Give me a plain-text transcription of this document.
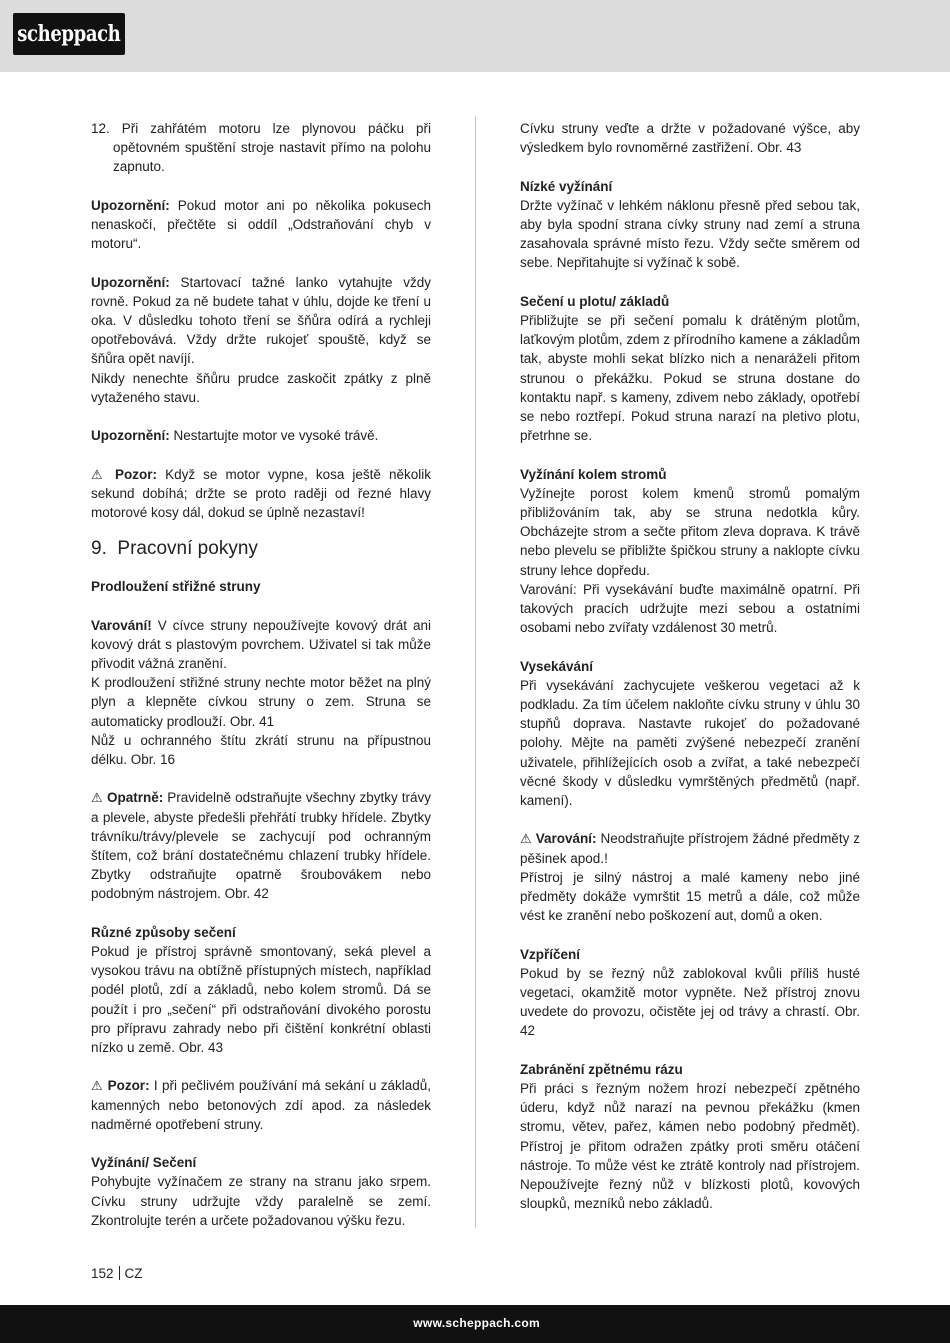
scheppach

12. Při zahřátém motoru lze plynovou páčku při opětovném spuštění stroje nastavit přímo na polohu zapnuto.

Upozornění: Pokud motor ani po několika pokusech nenaskočí, přečtěte si oddíl „Odstraňování chyb v motoru“.

Upozornění: Startovací tažné lanko vytahujte vždy rovně. Pokud za ně budete tahat v úhlu, dojde ke tření u oka. V důsledku tohoto tření se šňůra odírá a rychleji opotřebovává. Vždy držte rukojeť spouště, když se šňůra opět navíjí.

Nikdy nenechte šňůru prudce zaskočit zpátky z plně vytaženého stavu.

Upozornění: Nestartujte motor ve vysoké trávě.

⚠ Pozor: Když se motor vypne, kosa ještě několik sekund dobíhá; držte se proto raději od řezné hlavy motorové kosy dál, dokud se úplně nezastaví!

9. Pracovní pokyny

Prodloužení střižné struny

Varování! V cívce struny nepoužívejte kovový drát ani kovový drát s plastovým povrchem. Uživatel si tak může přivodit vážná zranění.

K prodloužení střižné struny nechte motor běžet na plný plyn a klepněte cívkou struny o zem. Struna se automaticky prodlouží. Obr. 41

Nůž u ochranného štítu zkrátí strunu na přípustnou délku. Obr. 16

⚠ Opatrně: Pravidelně odstraňujte všechny zbytky trávy a plevele, abyste předešli přehřátí trubky hřídele. Zbytky trávníku/trávy/plevele se zachycují pod ochranným štítem, což brání dostatečnému chlazení trubky hřídele. Zbytky odstraňujte opatrně šroubovákem nebo podobným nástrojem. Obr. 42

Různé způsoby sečení

Pokud je přístroj správně smontovaný, seká plevel a vysokou trávu na obtížně přístupných místech, například podél plotů, zdí a základů, nebo kolem stromů. Dá se použít i pro „sečení“ při odstraňování divokého porostu pro přípravu zahrady nebo při čištění konkrétní oblasti nízko u země. Obr. 43

⚠ Pozor: I při pečlivém používání má sekání u základů, kamenných nebo betonových zdí apod. za následek nadměrné opotřebení struny.

Vyžínání/ Sečení

Pohybujte vyžínačem ze strany na stranu jako srpem. Cívku struny udržujte vždy paralelně se zemí. Zkontrolujte terén a určete požadovanou výšku řezu.

Cívku struny veďte a držte v požadované výšce, aby výsledkem bylo rovnoměrné zastřižení. Obr. 43

Nízké vyžínání

Držte vyžínač v lehkém náklonu přesně před sebou tak, aby byla spodní strana cívky struny nad zemí a struna zasahovala správné místo řezu. Vždy sečte směrem od sebe. Nepřitahujte si vyžínač k sobě.

Sečení u plotu/ základů

Přibližujte se při sečení pomalu k drátěným plotům, laťkovým plotům, zdem z přírodního kamene a základům tak, abyste mohli sekat blízko nich a nenaráželi přitom strunou o překážku. Pokud se struna dostane do kontaktu např. s kameny, zdivem nebo základy, opotřebí se nebo roztřepí. Pokud struna narazí na pletivo plotu, přetrhne se.

Vyžínání kolem stromů

Vyžínejte porost kolem kmenů stromů pomalým přibližováním tak, aby se struna nedotkla kůry. Obcházejte strom a sečte přitom zleva doprava. K trávě nebo plevelu se přibližte špičkou struny a naklopte cívku struny lehce dopředu.

Varování: Při vysekávání buďte maximálně opatrní. Při takových pracích udržujte mezi sebou a ostatními osobami nebo zvířaty vzdálenost 30 metrů.

Vysekávání

Při vysekávání zachycujete veškerou vegetaci až k podkladu. Za tím účelem nakloňte cívku struny v úhlu 30 stupňů doprava. Nastavte rukojeť do požadované polohy. Mějte na paměti zvýšené nebezpečí zranění uživatele, přihlížejících osob a zvířat, a také nebezpečí věcné škody v důsledku vymrštěných předmětů (např. kamení).

⚠ Varování: Neodstraňujte přístrojem žádné předměty z pěšinek apod.!

Přístroj je silný nástroj a malé kameny nebo jiné předměty dokáže vymrštit 15 metrů a dále, což může vést ke zranění nebo poškození aut, domů a oken.

Vzpříčení

Pokud by se řezný nůž zablokoval kvůli příliš husté vegetaci, okamžitě motor vypněte. Než přístroj znovu uvedete do provozu, očistěte jej od trávy a chrastí. Obr. 42

Zabránění zpětnému rázu

Při práci s řezným nožem hrozí nebezpečí zpětného úderu, když nůž narazí na pevnou překážku (kmen stromu, větev, pařez, kámen nebo podobný předmět). Přístroj je přitom odražen zpátky proti směru otáčení nástroje. To může vést ke ztrátě kontroly nad přístrojem. Nepoužívejte řezný nůž v blízkosti plotů, kovových sloupků, mezníků nebo základů.

152 CZ
www.scheppach.com
